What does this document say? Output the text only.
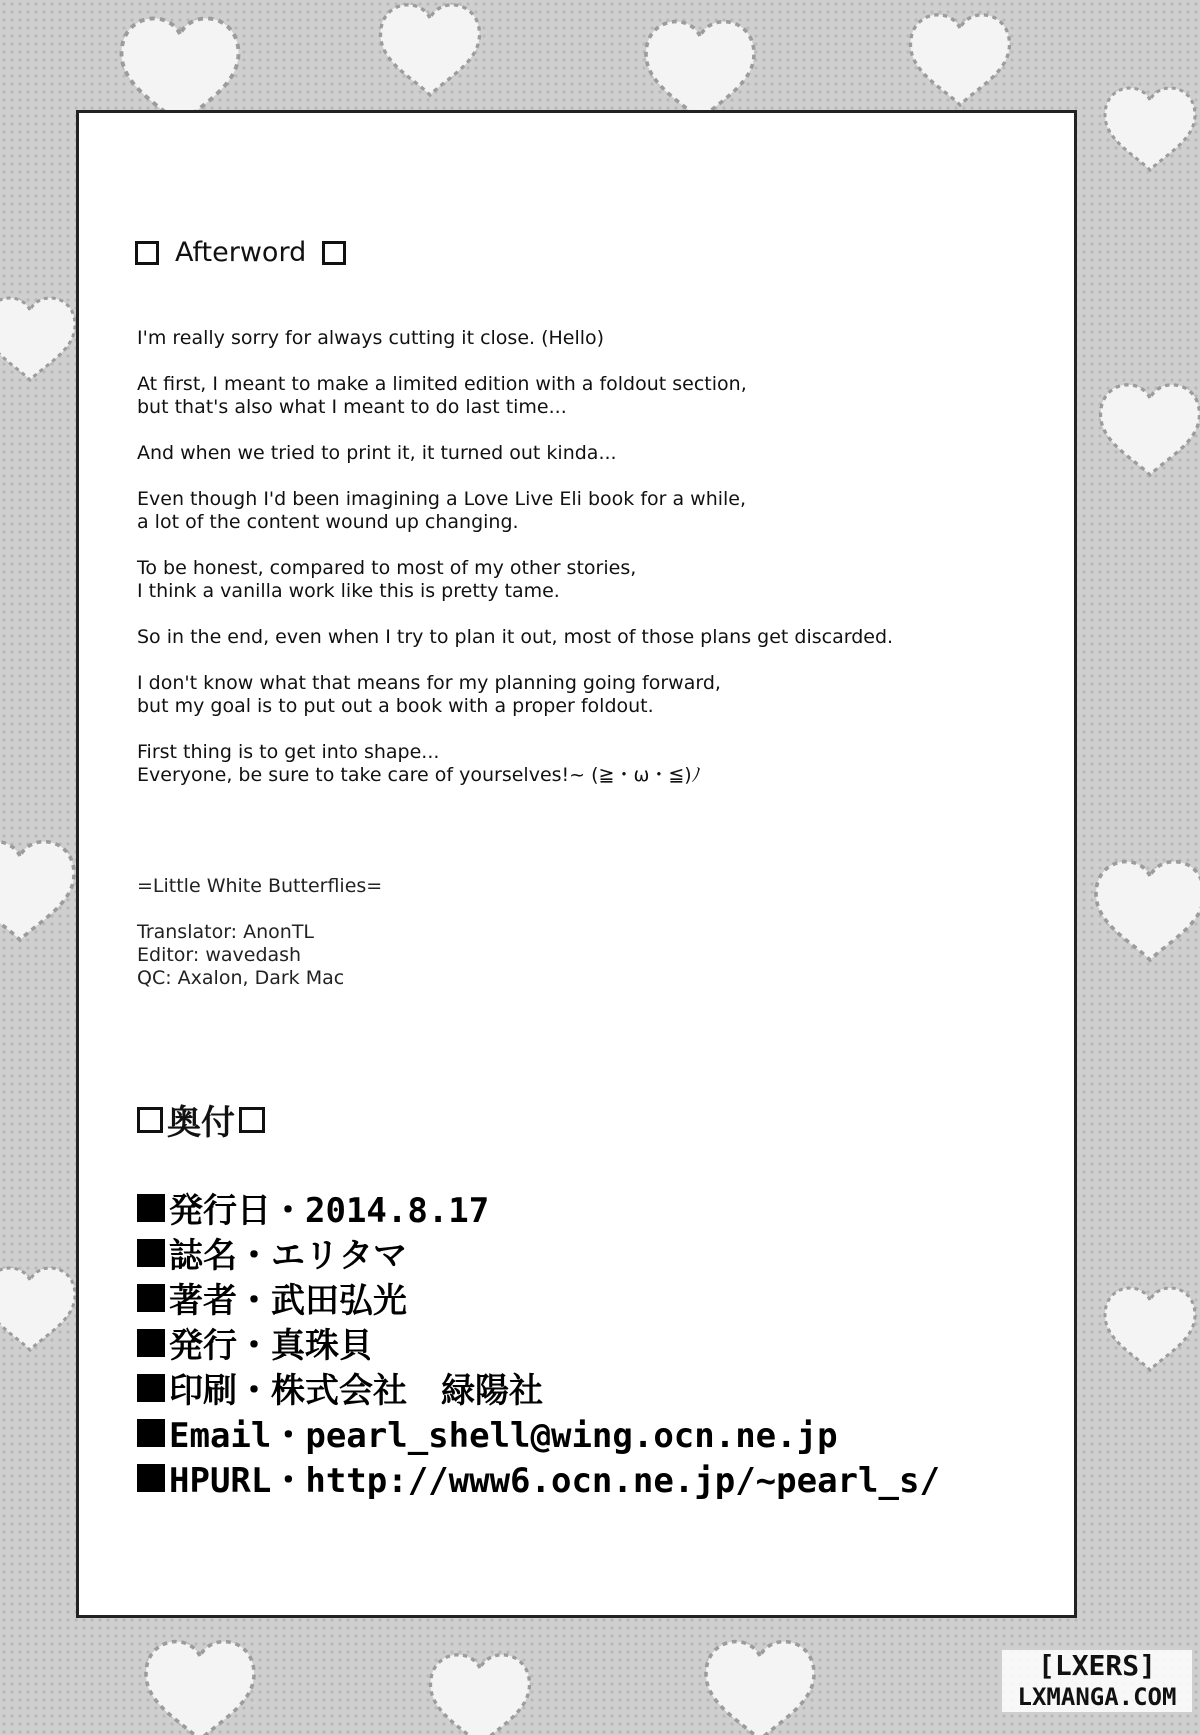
Afterword

I'm really sorry for always cutting it close. (Hello)

At first, I meant to make a limited edition with a foldout section,
but that's also what I meant to do last time...

And when we tried to print it, it turned out kinda...

Even though I'd been imagining a Love Live Eli book for a while,
a lot of the content wound up changing.

To be honest, compared to most of my other stories,
I think a vanilla work like this is pretty tame.

So in the end, even when I try to plan it out, most of those plans get discarded.

I don't know what that means for my planning going forward,
but my goal is to put out a book with a proper foldout.

First thing is to get into shape...
Everyone, be sure to take care of yourselves!~ (≧・ω・≦)ﾉ

=Little White Butterflies=
Translator: AnonTL
Editor: wavedash
QC: Axalon, Dark Mac
奥付
発行日・2014.8.17
誌名・エリタマ
著者・武田弘光
発行・真珠貝
印刷・株式会社　緑陽社
Email・pearl_shell@wing.ocn.ne.jp
HPURL・http://www6.ocn.ne.jp/~pearl_s/
[LXERS]
LXMANGA.COM
